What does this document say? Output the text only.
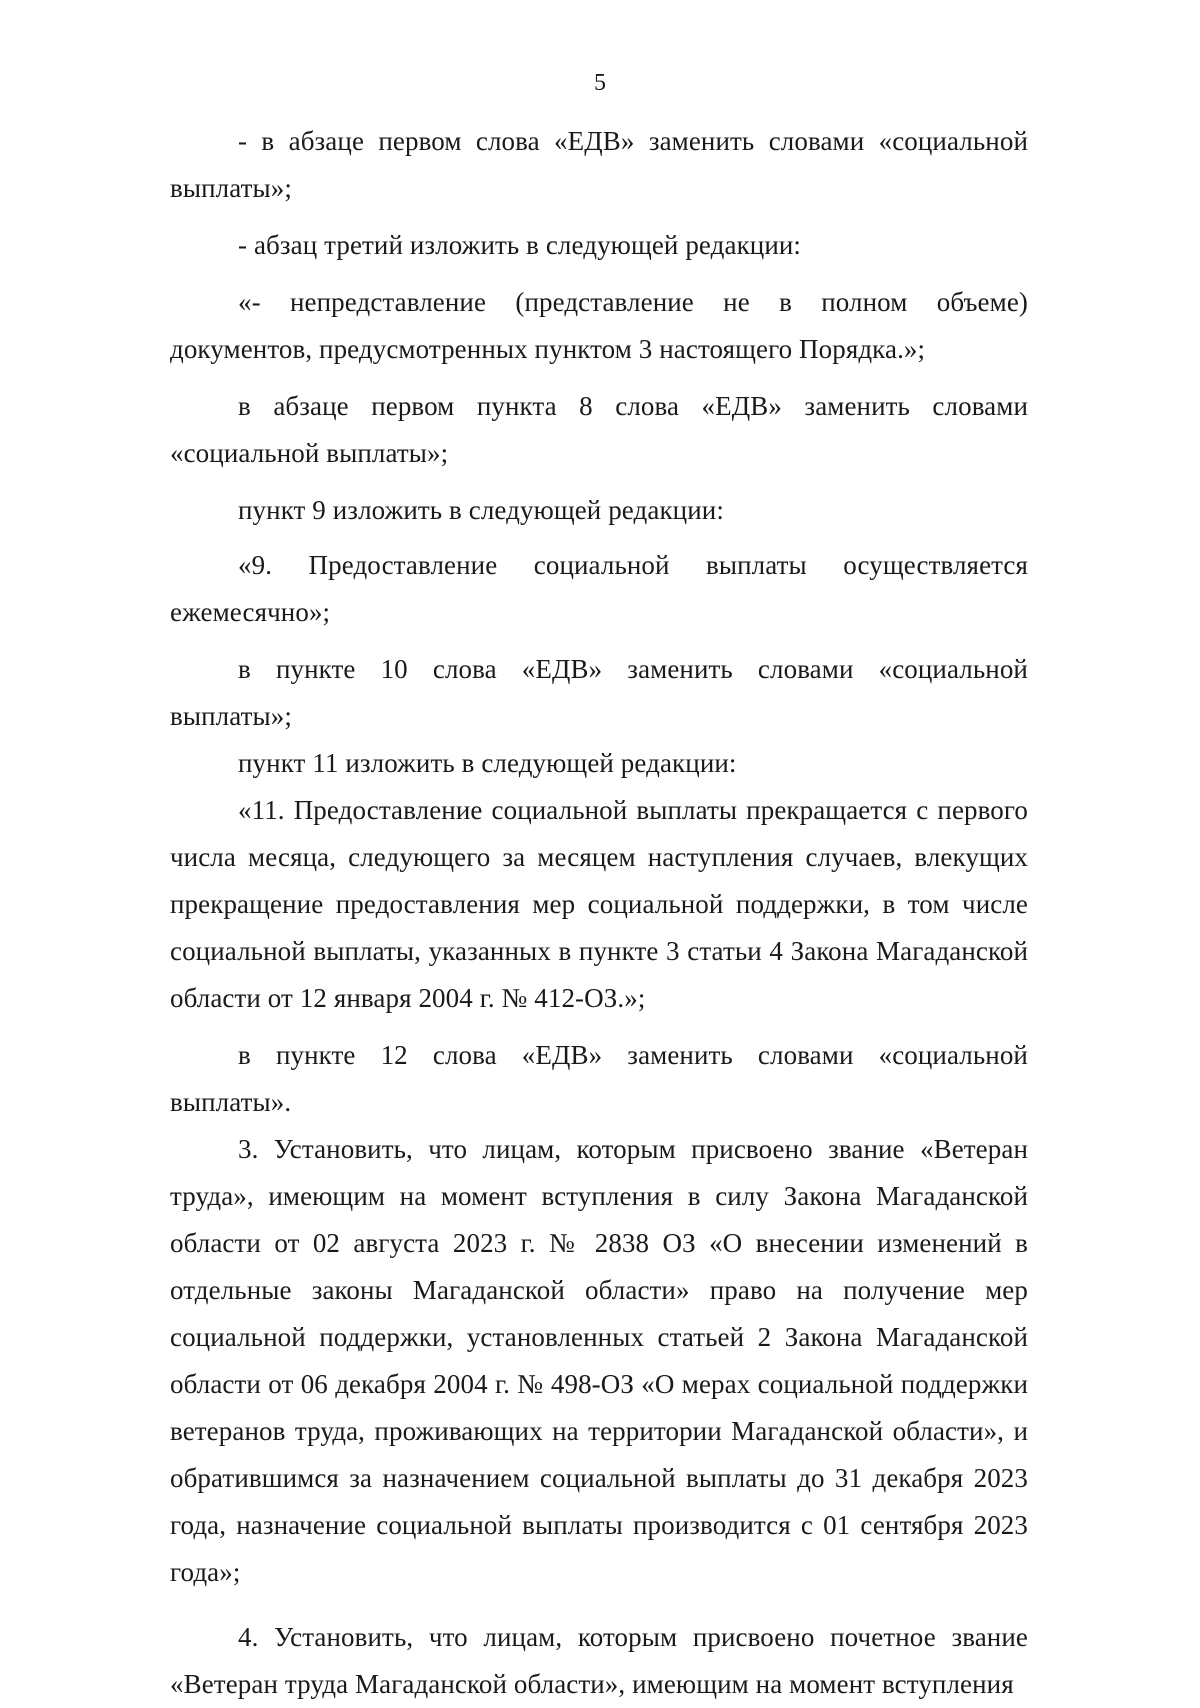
5

- в абзаце первом слова «ЕДВ» заменить словами «социальной выплаты»;

- абзац третий изложить в следующей редакции:

«- непредставление (представление не в полном объеме) документов, предусмотренных пунктом 3 настоящего Порядка.»;

в абзаце первом пункта 8 слова «ЕДВ» заменить словами «социальной выплаты»;

пункт 9 изложить в следующей редакции:

«9. Предоставление социальной выплаты осуществляется ежемесячно»;

в пункте 10 слова «ЕДВ» заменить словами «социальной выплаты»;

пункт 11 изложить в следующей редакции:

«11. Предоставление социальной выплаты прекращается с первого числа месяца, следующего за месяцем наступления случаев, влекущих прекращение предоставления мер социальной поддержки, в том числе социальной выплаты, указанных в пункте 3 статьи 4 Закона Магаданской области от 12 января 2004 г. № 412-ОЗ.»;

в пункте 12 слова «ЕДВ» заменить словами «социальной выплаты».

3. Установить, что лицам, которым присвоено звание «Ветеран труда», имеющим на момент вступления в силу Закона Магаданской области от 02 августа 2023 г. № 2838 ОЗ «О внесении изменений в отдельные законы Магаданской области» право на получение мер социальной поддержки, установленных статьей 2 Закона Магаданской области от 06 декабря 2004 г. № 498-ОЗ «О мерах социальной поддержки ветеранов труда, проживающих на территории Магаданской области», и обратившимся за назначением социальной выплаты до 31 декабря 2023 года, назначение социальной выплаты производится с 01 сентября 2023 года»;

4. Установить, что лицам, которым присвоено почетное звание «Ветеран труда Магаданской области», имеющим на момент вступления
